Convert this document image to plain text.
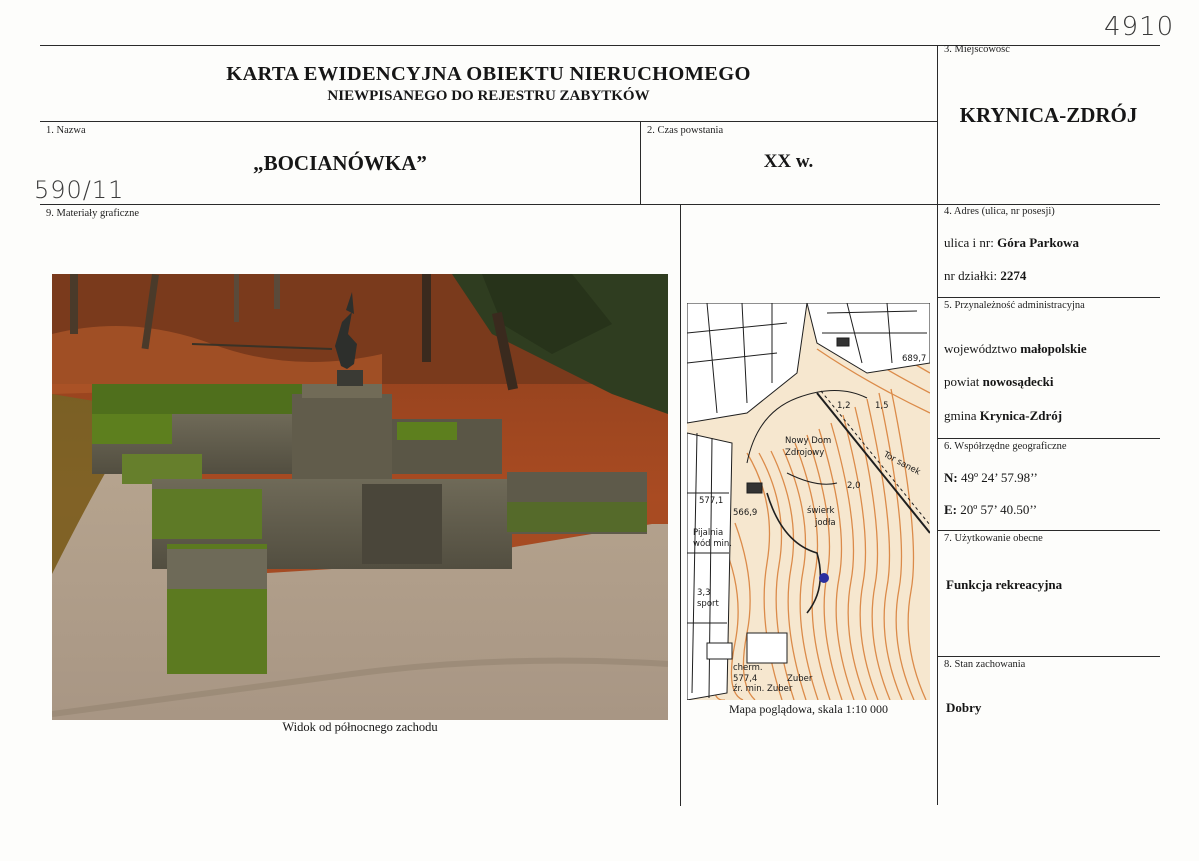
4910
590/11
KARTA EWIDENCYJNA OBIEKTU NIERUCHOMEGO
NIEWPISANEGO DO REJESTRU ZABYTKÓW
1. Nazwa
„BOCIANÓWKA”
2. Czas powstania
XX w.
3. Miejscowość
KRYNICA-ZDRÓJ
4. Adres (ulica, nr posesji)
ulica i nr: Góra Parkowa
nr działki: 2274
5. Przynależność administracyjna
województwo małopolskie
powiat nowosądecki
gmina Krynica-Zdrój
6. Współrzędne geograficzne
N: 49º 24’ 57.98’’
E: 20º 57’ 40.50’’
7. Użytkowanie obecne
Funkcja rekreacyjna
8. Stan zachowania
Dobry
9. Materiały graficzne
Widok od północnego zachodu
Nowy Dom
Zdrojowy
świerk
jodła
Pijalnia
wód min.
cherm.
źr. min. Zuber
Tor sanek
577,1
566,9
577,4
689,7
1,2	1,5
3,3
2,0
sport
Zuber
Mapa poglądowa, skala 1:10 000
